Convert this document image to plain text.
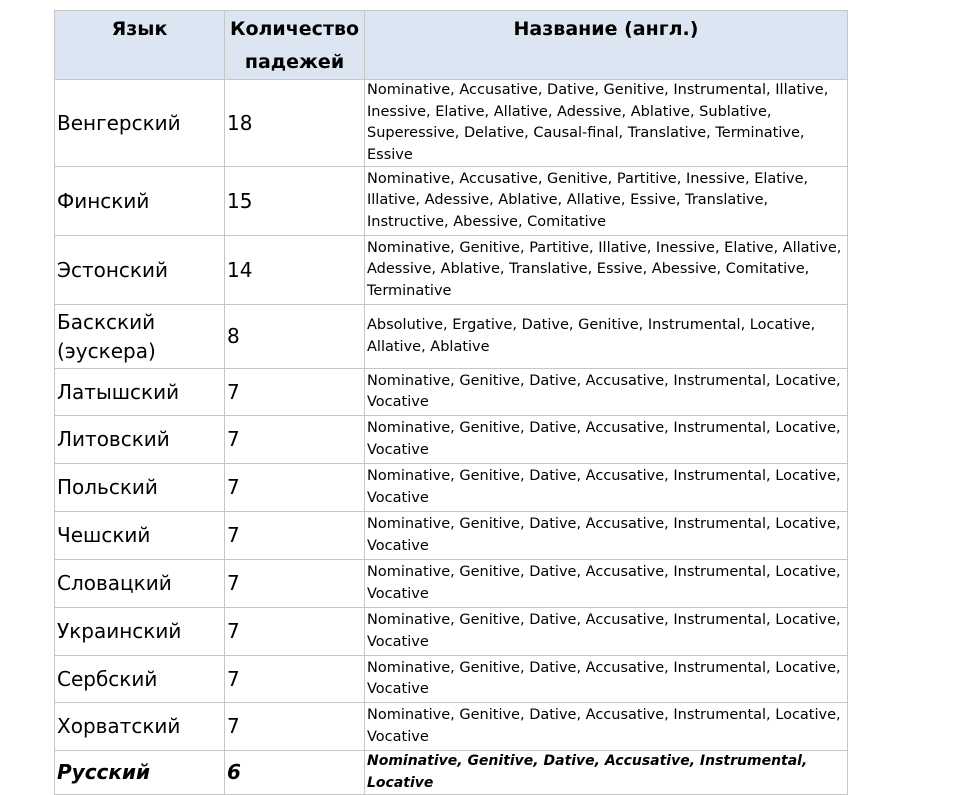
Язык	Количество падежей	Название (англ.)
Венгерский	18	Nominative, Accusative, Dative, Genitive, Instrumental, Illative, Inessive, Elative, Allative, Adessive, Ablative, Sublative, Superessive, Delative, Causal-final, Translative, Terminative, Essive
Финский	15	Nominative, Accusative, Genitive, Partitive, Inessive, Elative, Illative, Adessive, Ablative, Allative, Essive, Translative, Instructive, Abessive, Comitative
Эстонский	14	Nominative, Genitive, Partitive, Illative, Inessive, Elative, Allative, Adessive, Ablative, Translative, Essive, Abessive, Comitative, Terminative
Баскский (эускера)	8	Absolutive, Ergative, Dative, Genitive, Instrumental, Locative, Allative, Ablative
Латышский	7	Nominative, Genitive, Dative, Accusative, Instrumental, Locative, Vocative
Литовский	7	Nominative, Genitive, Dative, Accusative, Instrumental, Locative, Vocative
Польский	7	Nominative, Genitive, Dative, Accusative, Instrumental, Locative, Vocative
Чешский	7	Nominative, Genitive, Dative, Accusative, Instrumental, Locative, Vocative
Словацкий	7	Nominative, Genitive, Dative, Accusative, Instrumental, Locative, Vocative
Украинский	7	Nominative, Genitive, Dative, Accusative, Instrumental, Locative, Vocative
Сербский	7	Nominative, Genitive, Dative, Accusative, Instrumental, Locative, Vocative
Хорватский	7	Nominative, Genitive, Dative, Accusative, Instrumental, Locative, Vocative
Русский	6	Nominative, Genitive, Dative, Accusative, Instrumental, Locative
